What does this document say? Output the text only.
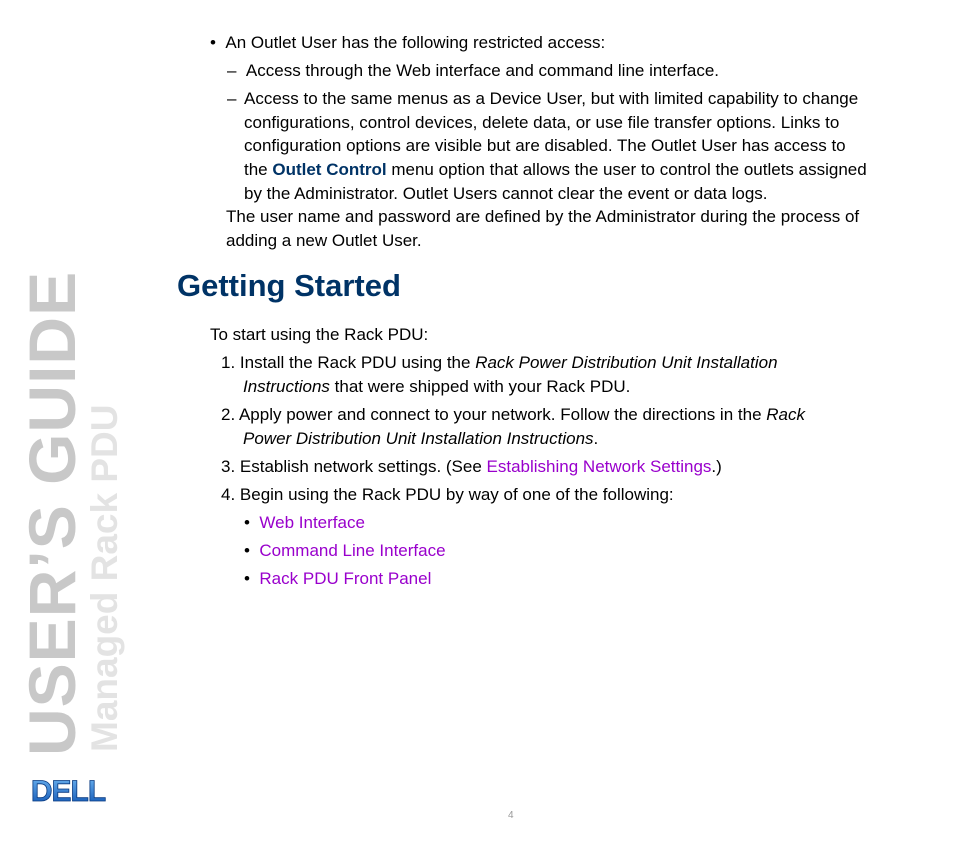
USER’S GUIDE
Managed Rack PDU
DELL
•  An Outlet User has the following restricted access:
–  Access through the Web interface and command line interface.
– Access to the same menus as a Device User, but with limited capability to change
configurations, control devices, delete data, or use file transfer options. Links to
configuration options are visible but are disabled. The Outlet User has access to
the Outlet Control menu option that allows the user to control the outlets assigned
by the Administrator. Outlet Users cannot clear the event or data logs.
The user name and password are defined by the Administrator during the process of
adding a new Outlet User.
Getting Started
To start using the Rack PDU:
1. Install the Rack PDU using the Rack Power Distribution Unit Installation
Instructions that were shipped with your Rack PDU.
2. Apply power and connect to your network. Follow the directions in the Rack
Power Distribution Unit Installation Instructions.
3. Establish network settings. (See Establishing Network Settings.)
4. Begin using the Rack PDU by way of one of the following:
•  Web Interface
•  Command Line Interface
•  Rack PDU Front Panel
4
